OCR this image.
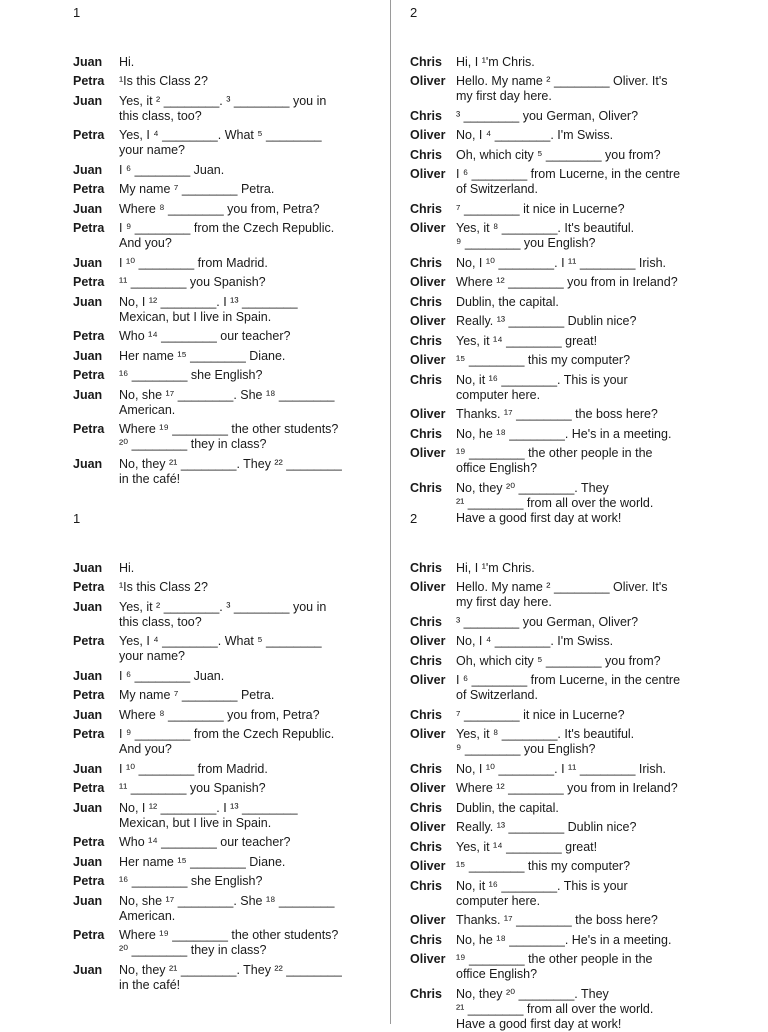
1	2
Juan Hi.
Petra ¹Is this Class 2?
Juan Yes, it ² ________. ³ ________ you in
this class, too?
Petra Yes, I ⁴ ________. What ⁵ ________
your name?
Juan I ⁶ ________ Juan.
Petra My name ⁷ ________ Petra.
Juan Where ⁸ ________ you from, Petra?
Petra I ⁹ ________ from the Czech Republic.
And you?
Juan I ¹⁰ ________ from Madrid.
Petra ¹¹ ________ you Spanish?
Juan No, I ¹² ________. I ¹³ ________
Mexican, but I live in Spain.
Petra Who ¹⁴ ________ our teacher?
Juan Her name ¹⁵ ________ Diane.
Petra ¹⁶ ________ she English?
Juan No, she ¹⁷ ________. She ¹⁸ ________
American.
Petra Where ¹⁹ ________ the other students?
²⁰ ________ they in class?
Juan No, they ²¹ ________. They ²² ________
in the café!
Chris Hi, I ¹'m Chris.
Oliver Hello. My name ² ________ Oliver. It's
my first day here.
Chris ³ ________ you German, Oliver?
Oliver No, I ⁴ ________. I'm Swiss.
Chris Oh, which city ⁵ ________ you from?
Oliver I ⁶ ________ from Lucerne, in the centre
of Switzerland.
Chris ⁷ ________ it nice in Lucerne?
Oliver Yes, it ⁸ ________. It's beautiful.
⁹ ________ you English?
Chris No, I ¹⁰ ________. I ¹¹ ________ Irish.
Oliver Where ¹² ________ you from in Ireland?
Chris Dublin, the capital.
Oliver Really. ¹³ ________ Dublin nice?
Chris Yes, it ¹⁴ ________ great!
Oliver ¹⁵ ________ this my computer?
Chris No, it ¹⁶ ________. This is your
computer here.
Oliver Thanks. ¹⁷ ________ the boss here?
Chris No, he ¹⁸ ________. He's in a meeting.
Oliver ¹⁹ ________ the other people in the
office English?
Chris No, they ²⁰ ________. They
²¹ ________ from all over the world.
Have a good first day at work!
1	2
Juan Hi.
Petra ¹Is this Class 2?
Juan Yes, it ² ________. ³ ________ you in
this class, too?
Petra Yes, I ⁴ ________. What ⁵ ________
your name?
Juan I ⁶ ________ Juan.
Petra My name ⁷ ________ Petra.
Juan Where ⁸ ________ you from, Petra?
Petra I ⁹ ________ from the Czech Republic.
And you?
Juan I ¹⁰ ________ from Madrid.
Petra ¹¹ ________ you Spanish?
Juan No, I ¹² ________. I ¹³ ________
Mexican, but I live in Spain.
Petra Who ¹⁴ ________ our teacher?
Juan Her name ¹⁵ ________ Diane.
Petra ¹⁶ ________ she English?
Juan No, she ¹⁷ ________. She ¹⁸ ________
American.
Petra Where ¹⁹ ________ the other students?
²⁰ ________ they in class?
Juan No, they ²¹ ________. They ²² ________
in the café!
Chris Hi, I ¹'m Chris.
Oliver Hello. My name ² ________ Oliver. It's
my first day here.
Chris ³ ________ you German, Oliver?
Oliver No, I ⁴ ________. I'm Swiss.
Chris Oh, which city ⁵ ________ you from?
Oliver I ⁶ ________ from Lucerne, in the centre
of Switzerland.
Chris ⁷ ________ it nice in Lucerne?
Oliver Yes, it ⁸ ________. It's beautiful.
⁹ ________ you English?
Chris No, I ¹⁰ ________. I ¹¹ ________ Irish.
Oliver Where ¹² ________ you from in Ireland?
Chris Dublin, the capital.
Oliver Really. ¹³ ________ Dublin nice?
Chris Yes, it ¹⁴ ________ great!
Oliver ¹⁵ ________ this my computer?
Chris No, it ¹⁶ ________. This is your
computer here.
Oliver Thanks. ¹⁷ ________ the boss here?
Chris No, he ¹⁸ ________. He's in a meeting.
Oliver ¹⁹ ________ the other people in the
office English?
Chris No, they ²⁰ ________. They
²¹ ________ from all over the world.
Have a good first day at work!
